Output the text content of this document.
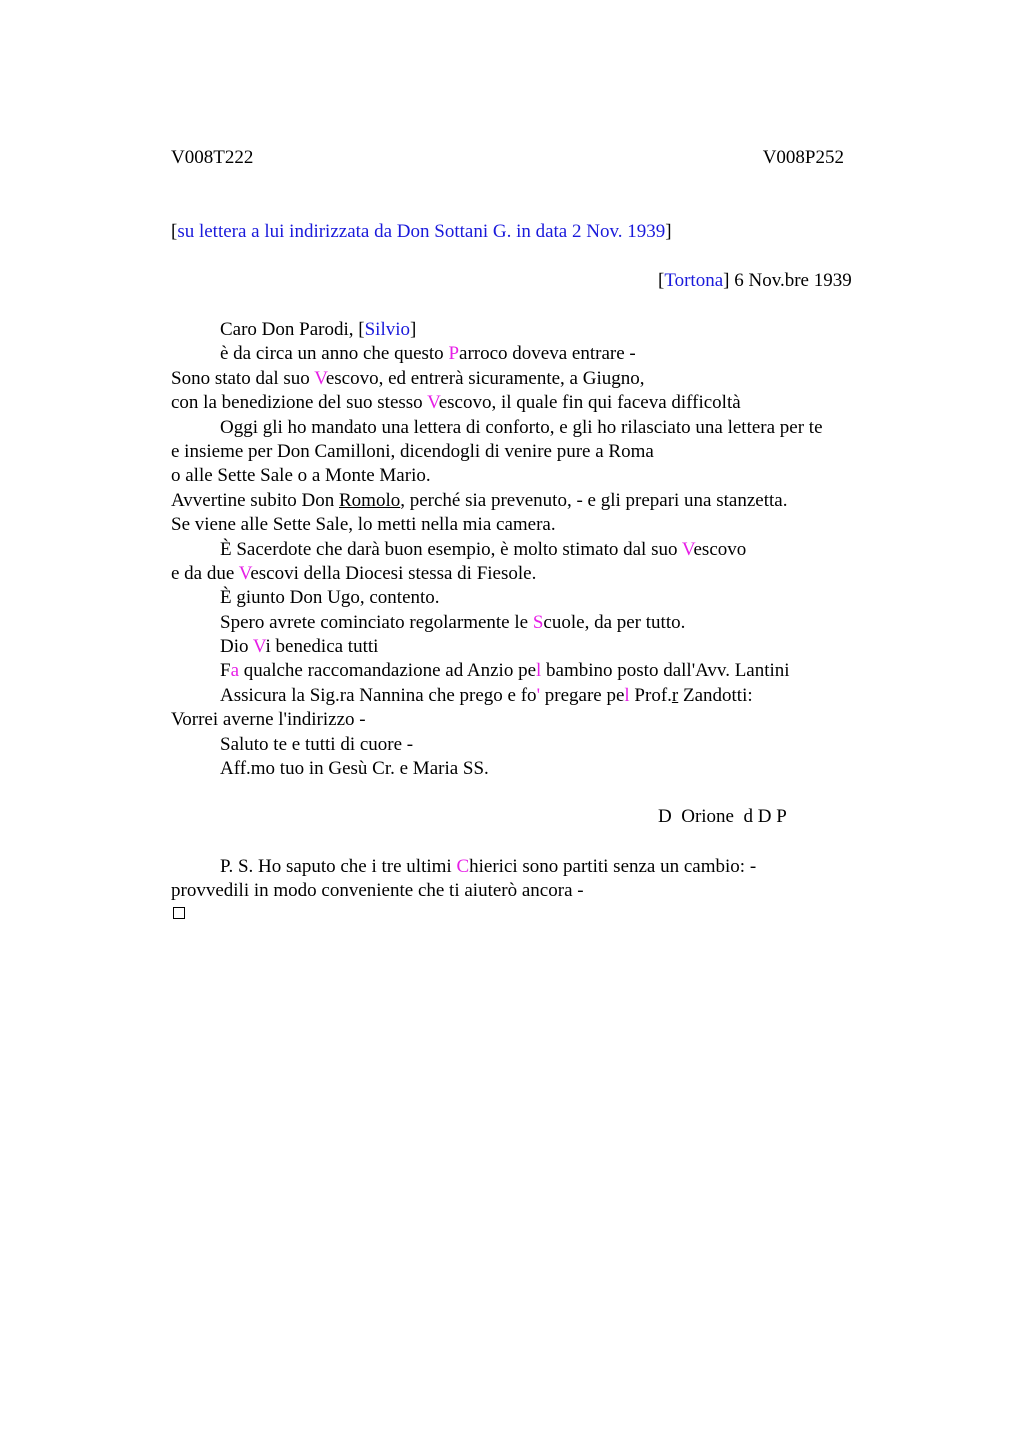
V008T222	V008P252
[su lettera a lui indirizzata da Don Sottani G. in data 2 Nov. 1939]
[Tortona] 6 Nov.bre 1939
Caro Don Parodi, [Silvio]
è da circa un anno che questo Parroco doveva entrare -
Sono stato dal suo Vescovo, ed entrerà sicuramente, a Giugno,
con la benedizione del suo stesso Vescovo, il quale fin qui faceva difficoltà
Oggi gli ho mandato una lettera di conforto, e gli ho rilasciato una lettera per te
e insieme per Don Camilloni, dicendogli di venire pure a Roma
o alle Sette Sale o a Monte Mario.
Avvertine subito Don Romolo, perché sia prevenuto, - e gli prepari una stanzetta.
Se viene alle Sette Sale, lo metti nella mia camera.
È Sacerdote che darà buon esempio, è molto stimato dal suo Vescovo
e da due Vescovi della Diocesi stessa di Fiesole.
È giunto Don Ugo, contento.
Spero avrete cominciato regolarmente le Scuole, da per tutto.
Dio Vi benedica tutti
Fa qualche raccomandazione ad Anzio pel bambino posto dall'Avv. Lantini
Assicura la Sig.ra Nannina che prego e fo' pregare pel Prof.r Zandotti:
Vorrei averne l'indirizzo -
Saluto te e tutti di cuore -
Aff.mo tuo in Gesù Cr. e Maria SS.
D  Orione  d D P
P. S. Ho saputo che i tre ultimi Chierici sono partiti senza un cambio: -
provvedili in modo conveniente che ti aiuterò ancora -
